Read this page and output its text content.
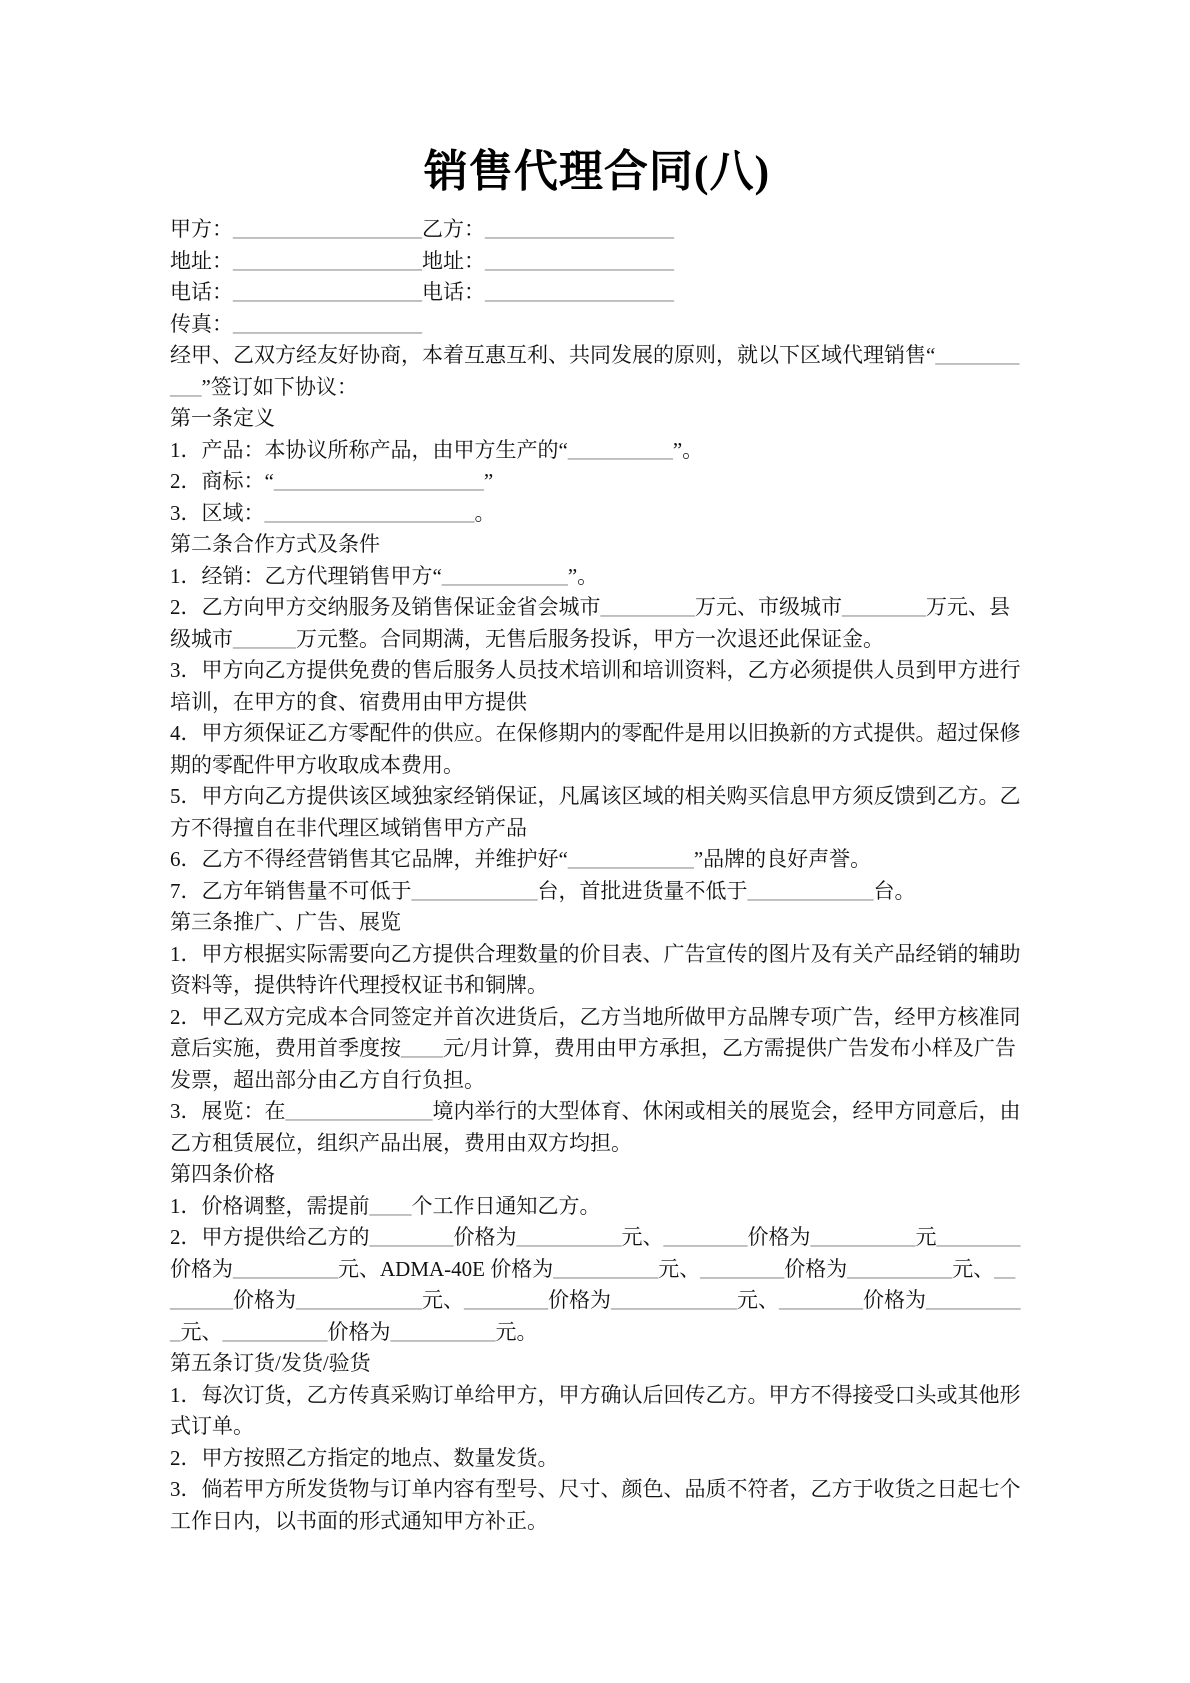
销售代理合同(八)

甲方：__________________乙方：__________________

地址：__________________地址：__________________

电话：__________________电话：__________________

传真：__________________

经甲、乙双方经友好协商，本着互惠互利、共同发展的原则，就以下区域代理销售“___________”签订如下协议：

第一条定义

1．产品：本协议所称产品，由甲方生产的“__________”。

2．商标：“____________________”

3．区域：____________________。

第二条合作方式及条件

1．经销：乙方代理销售甲方“____________”。

2．乙方向甲方交纳服务及销售保证金省会城市_________万元、市级城市________万元、县级城市______万元整。合同期满，无售后服务投诉，甲方一次退还此保证金。

3．甲方向乙方提供免费的售后服务人员技术培训和培训资料，乙方必须提供人员到甲方进行培训，在甲方的食、宿费用由甲方提供

4．甲方须保证乙方零配件的供应。在保修期内的零配件是用以旧换新的方式提供。超过保修期的零配件甲方收取成本费用。

5．甲方向乙方提供该区域独家经销保证，凡属该区域的相关购买信息甲方须反馈到乙方。乙方不得擅自在非代理区域销售甲方产品

6．乙方不得经营销售其它品牌，并维护好“____________”品牌的良好声誉。

7．乙方年销售量不可低于____________台，首批进货量不低于____________台。

第三条推广、广告、展览

1．甲方根据实际需要向乙方提供合理数量的价目表、广告宣传的图片及有关产品经销的辅助资料等，提供特许代理授权证书和铜牌。

2．甲乙双方完成本合同签定并首次进货后，乙方当地所做甲方品牌专项广告，经甲方核准同意后实施，费用首季度按____元/月计算，费用由甲方承担，乙方需提供广告发布小样及广告发票，超出部分由乙方自行负担。

3．展览：在______________境内举行的大型体育、休闲或相关的展览会，经甲方同意后，由乙方租赁展位，组织产品出展，费用由双方均担。

第四条价格

1．价格调整，需提前____个工作日通知乙方。

2．甲方提供给乙方的________价格为__________元、________价格为__________元________价格为__________元、ADMA-40E 价格为__________元、________价格为__________元、________价格为____________元、________价格为____________元、________价格为__________元、__________价格为__________元。

第五条订货/发货/验货

1．每次订货，乙方传真采购订单给甲方，甲方确认后回传乙方。甲方不得接受口头或其他形式订单。

2．甲方按照乙方指定的地点、数量发货。

3．倘若甲方所发货物与订单内容有型号、尺寸、颜色、品质不符者，乙方于收货之日起七个工作日内，以书面的形式通知甲方补正。
